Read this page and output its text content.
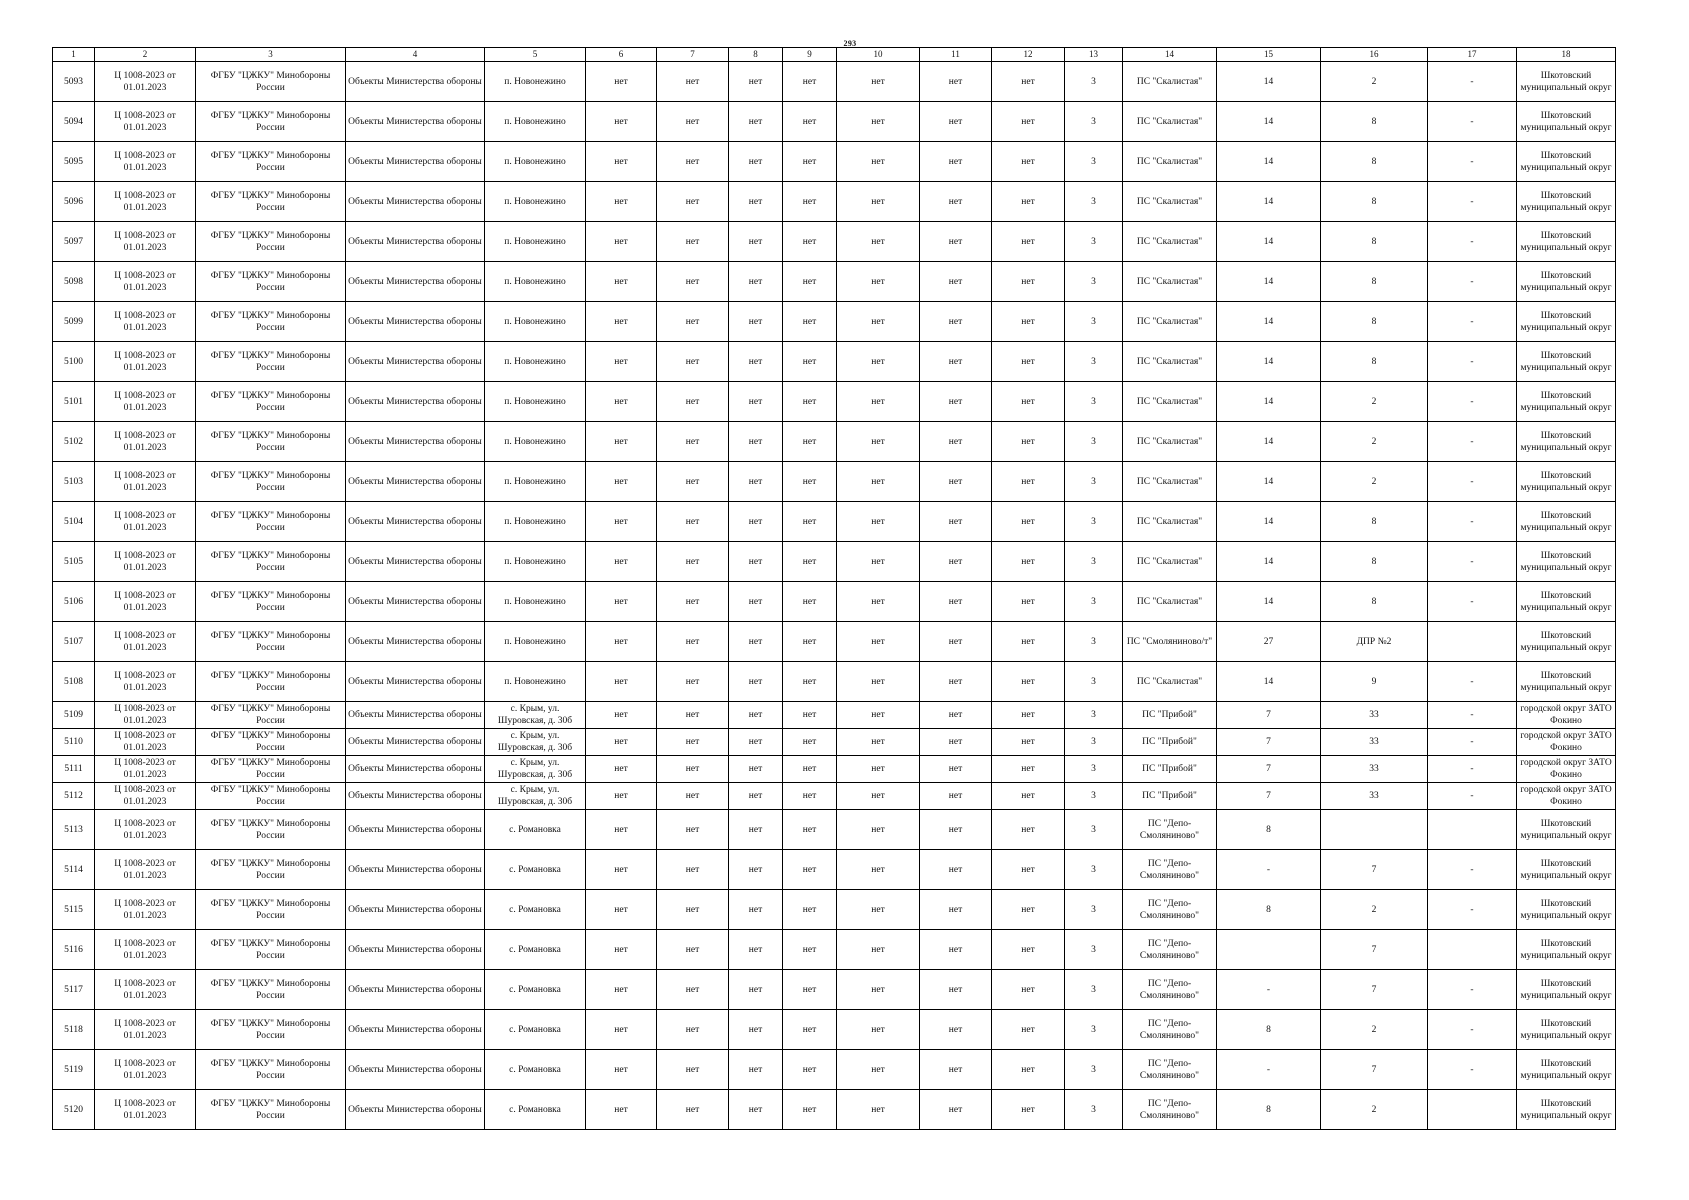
293
1	2	3	4	5	6	7	8	9	10	11	12	13	14	15	16	17	18
5093	Ц 1008-2023 от 01.01.2023	ФГБУ "ЦЖКУ" Минобороны России	Объекты Министерства обороны	п. Новонежино	нет	нет	нет	нет	нет	нет	нет	3	ПС "Скалистая"	14	2	-	Шкотовский муниципальный округ
5094	Ц 1008-2023 от 01.01.2023	ФГБУ "ЦЖКУ" Минобороны России	Объекты Министерства обороны	п. Новонежино	нет	нет	нет	нет	нет	нет	нет	3	ПС "Скалистая"	14	8	-	Шкотовский муниципальный округ
5095	Ц 1008-2023 от 01.01.2023	ФГБУ "ЦЖКУ" Минобороны России	Объекты Министерства обороны	п. Новонежино	нет	нет	нет	нет	нет	нет	нет	3	ПС "Скалистая"	14	8	-	Шкотовский муниципальный округ
5096	Ц 1008-2023 от 01.01.2023	ФГБУ "ЦЖКУ" Минобороны России	Объекты Министерства обороны	п. Новонежино	нет	нет	нет	нет	нет	нет	нет	3	ПС "Скалистая"	14	8	-	Шкотовский муниципальный округ
5097	Ц 1008-2023 от 01.01.2023	ФГБУ "ЦЖКУ" Минобороны России	Объекты Министерства обороны	п. Новонежино	нет	нет	нет	нет	нет	нет	нет	3	ПС "Скалистая"	14	8	-	Шкотовский муниципальный округ
5098	Ц 1008-2023 от 01.01.2023	ФГБУ "ЦЖКУ" Минобороны России	Объекты Министерства обороны	п. Новонежино	нет	нет	нет	нет	нет	нет	нет	3	ПС "Скалистая"	14	8	-	Шкотовский муниципальный округ
5099	Ц 1008-2023 от 01.01.2023	ФГБУ "ЦЖКУ" Минобороны России	Объекты Министерства обороны	п. Новонежино	нет	нет	нет	нет	нет	нет	нет	3	ПС "Скалистая"	14	8	-	Шкотовский муниципальный округ
5100	Ц 1008-2023 от 01.01.2023	ФГБУ "ЦЖКУ" Минобороны России	Объекты Министерства обороны	п. Новонежино	нет	нет	нет	нет	нет	нет	нет	3	ПС "Скалистая"	14	8	-	Шкотовский муниципальный округ
5101	Ц 1008-2023 от 01.01.2023	ФГБУ "ЦЖКУ" Минобороны России	Объекты Министерства обороны	п. Новонежино	нет	нет	нет	нет	нет	нет	нет	3	ПС "Скалистая"	14	2	-	Шкотовский муниципальный округ
5102	Ц 1008-2023 от 01.01.2023	ФГБУ "ЦЖКУ" Минобороны России	Объекты Министерства обороны	п. Новонежино	нет	нет	нет	нет	нет	нет	нет	3	ПС "Скалистая"	14	2	-	Шкотовский муниципальный округ
5103	Ц 1008-2023 от 01.01.2023	ФГБУ "ЦЖКУ" Минобороны России	Объекты Министерства обороны	п. Новонежино	нет	нет	нет	нет	нет	нет	нет	3	ПС "Скалистая"	14	2	-	Шкотовский муниципальный округ
5104	Ц 1008-2023 от 01.01.2023	ФГБУ "ЦЖКУ" Минобороны России	Объекты Министерства обороны	п. Новонежино	нет	нет	нет	нет	нет	нет	нет	3	ПС "Скалистая"	14	8	-	Шкотовский муниципальный округ
5105	Ц 1008-2023 от 01.01.2023	ФГБУ "ЦЖКУ" Минобороны России	Объекты Министерства обороны	п. Новонежино	нет	нет	нет	нет	нет	нет	нет	3	ПС "Скалистая"	14	8	-	Шкотовский муниципальный округ
5106	Ц 1008-2023 от 01.01.2023	ФГБУ "ЦЖКУ" Минобороны России	Объекты Министерства обороны	п. Новонежино	нет	нет	нет	нет	нет	нет	нет	3	ПС "Скалистая"	14	8	-	Шкотовский муниципальный округ
5107	Ц 1008-2023 от 01.01.2023	ФГБУ "ЦЖКУ" Минобороны России	Объекты Министерства обороны	п. Новонежино	нет	нет	нет	нет	нет	нет	нет	3	ПС "Смоляниново/т"	27	ДПР №2		Шкотовский муниципальный округ
5108	Ц 1008-2023 от 01.01.2023	ФГБУ "ЦЖКУ" Минобороны России	Объекты Министерства обороны	п. Новонежино	нет	нет	нет	нет	нет	нет	нет	3	ПС "Скалистая"	14	9	-	Шкотовский муниципальный округ
5109	Ц 1008-2023 от 01.01.2023	ФГБУ "ЦЖКУ" Минобороны России	Объекты Министерства обороны	с. Крым, ул. Шуровская, д. 30б	нет	нет	нет	нет	нет	нет	нет	3	ПС "Прибой"	7	33	-	городской округ ЗАТО Фокино
5110	Ц 1008-2023 от 01.01.2023	ФГБУ "ЦЖКУ" Минобороны России	Объекты Министерства обороны	с. Крым, ул. Шуровская, д. 30б	нет	нет	нет	нет	нет	нет	нет	3	ПС "Прибой"	7	33	-	городской округ ЗАТО Фокино
5111	Ц 1008-2023 от 01.01.2023	ФГБУ "ЦЖКУ" Минобороны России	Объекты Министерства обороны	с. Крым, ул. Шуровская, д. 30б	нет	нет	нет	нет	нет	нет	нет	3	ПС "Прибой"	7	33	-	городской округ ЗАТО Фокино
5112	Ц 1008-2023 от 01.01.2023	ФГБУ "ЦЖКУ" Минобороны России	Объекты Министерства обороны	с. Крым, ул. Шуровская, д. 30б	нет	нет	нет	нет	нет	нет	нет	3	ПС "Прибой"	7	33	-	городской округ ЗАТО Фокино
5113	Ц 1008-2023 от 01.01.2023	ФГБУ "ЦЖКУ" Минобороны России	Объекты Министерства обороны	с. Романовка	нет	нет	нет	нет	нет	нет	нет	3	ПС "Депо-Смоляниново"	8			Шкотовский муниципальный округ
5114	Ц 1008-2023 от 01.01.2023	ФГБУ "ЦЖКУ" Минобороны России	Объекты Министерства обороны	с. Романовка	нет	нет	нет	нет	нет	нет	нет	3	ПС "Депо-Смоляниново"	-	7	-	Шкотовский муниципальный округ
5115	Ц 1008-2023 от 01.01.2023	ФГБУ "ЦЖКУ" Минобороны России	Объекты Министерства обороны	с. Романовка	нет	нет	нет	нет	нет	нет	нет	3	ПС "Депо-Смоляниново"	8	2	-	Шкотовский муниципальный округ
5116	Ц 1008-2023 от 01.01.2023	ФГБУ "ЦЖКУ" Минобороны России	Объекты Министерства обороны	с. Романовка	нет	нет	нет	нет	нет	нет	нет	3	ПС "Депо-Смоляниново"		7		Шкотовский муниципальный округ
5117	Ц 1008-2023 от 01.01.2023	ФГБУ "ЦЖКУ" Минобороны России	Объекты Министерства обороны	с. Романовка	нет	нет	нет	нет	нет	нет	нет	3	ПС "Депо-Смоляниново"	-	7	-	Шкотовский муниципальный округ
5118	Ц 1008-2023 от 01.01.2023	ФГБУ "ЦЖКУ" Минобороны России	Объекты Министерства обороны	с. Романовка	нет	нет	нет	нет	нет	нет	нет	3	ПС "Депо-Смоляниново"	8	2	-	Шкотовский муниципальный округ
5119	Ц 1008-2023 от 01.01.2023	ФГБУ "ЦЖКУ" Минобороны России	Объекты Министерства обороны	с. Романовка	нет	нет	нет	нет	нет	нет	нет	3	ПС "Депо-Смоляниново"	-	7	-	Шкотовский муниципальный округ
5120	Ц 1008-2023 от 01.01.2023	ФГБУ "ЦЖКУ" Минобороны России	Объекты Министерства обороны	с. Романовка	нет	нет	нет	нет	нет	нет	нет	3	ПС "Депо-Смоляниново"	8	2		Шкотовский муниципальный округ
